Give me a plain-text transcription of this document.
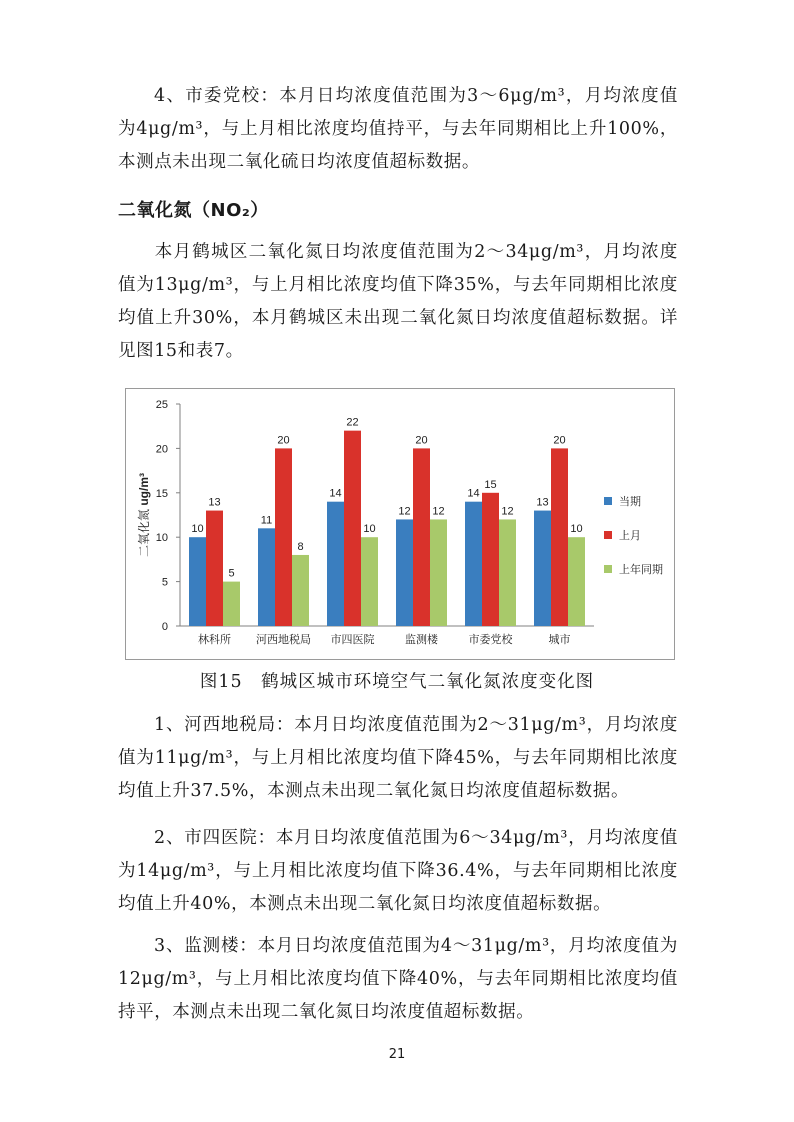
4、市委党校：本月日均浓度值范围为3～6μg/m³，月均浓度值为4μg/m³，与上月相比浓度均值持平，与去年同期相比上升100%，本测点未出现二氧化硫日均浓度值超标数据。

二氧化氮（NO₂）

本月鹤城区二氧化氮日均浓度值范围为2～34μg/m³，月均浓度值为13μg/m³，与上月相比浓度均值下降35%，与去年同期相比浓度均值上升30%，本月鹤城区未出现二氧化氮日均浓度值超标数据。详见图15和表7。

0
5
10
15
20
25
二氧化氮 ug/m³
10
13
5
林科所
11
20
8
河西地税局
14
22
10
市四医院
12
20
12
监测楼
14
15
12
市委党校
13
20
10
城市
当期
上月
上年同期

图15　鹤城区城市环境空气二氧化氮浓度变化图

1、河西地税局：本月日均浓度值范围为2～31μg/m³，月均浓度值为11μg/m³，与上月相比浓度均值下降45%，与去年同期相比浓度均值上升37.5%，本测点未出现二氧化氮日均浓度值超标数据。

2、市四医院：本月日均浓度值范围为6～34μg/m³，月均浓度值为14μg/m³，与上月相比浓度均值下降36.4%，与去年同期相比浓度均值上升40%，本测点未出现二氧化氮日均浓度值超标数据。

3、监测楼：本月日均浓度值范围为4～31μg/m³，月均浓度值为12μg/m³，与上月相比浓度均值下降40%，与去年同期相比浓度均值持平，本测点未出现二氧化氮日均浓度值超标数据。

21
